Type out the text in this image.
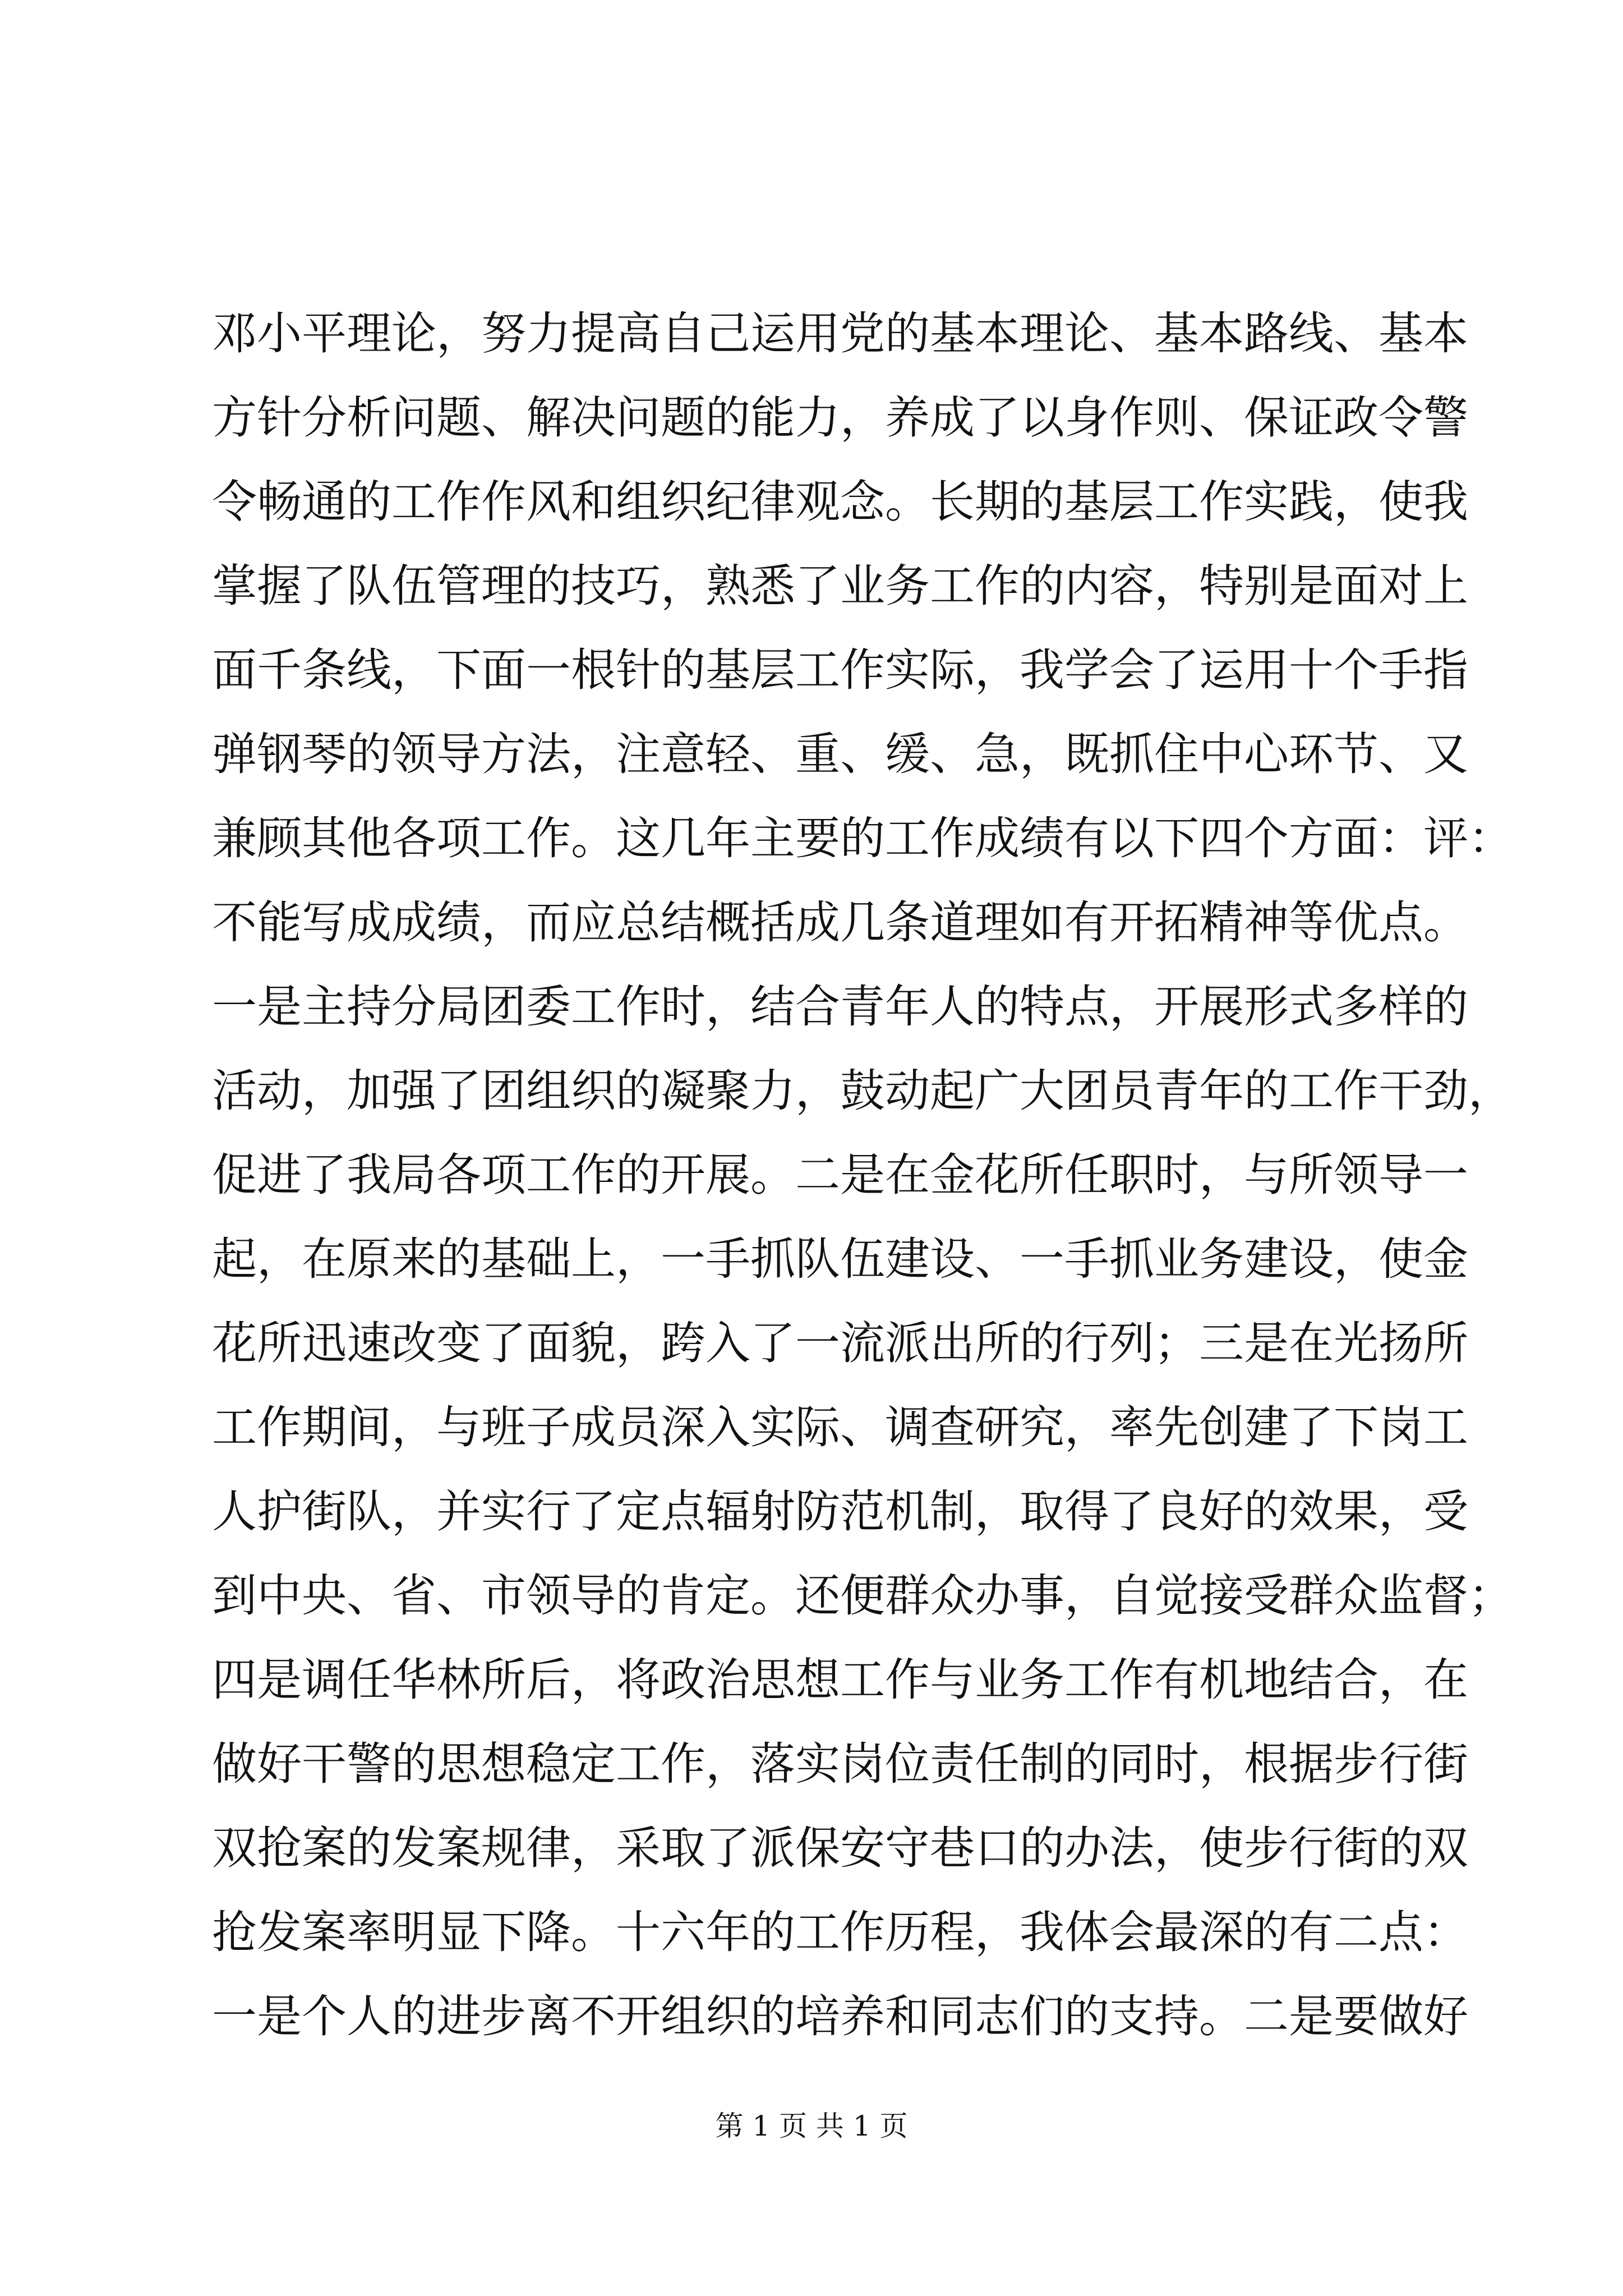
邓小平理论，努力提高自己运用党的基本理论、基本路线、基本
方针分析问题、解决问题的能力，养成了以身作则、保证政令警
令畅通的工作作风和组织纪律观念。长期的基层工作实践，使我
掌握了队伍管理的技巧，熟悉了业务工作的内容，特别是面对上
面千条线，下面一根针的基层工作实际，我学会了运用十个手指
弹钢琴的领导方法，注意轻、重、缓、急，既抓住中心环节、又
兼顾其他各项工作。这几年主要的工作成绩有以下四个方面：评：
不能写成成绩，而应总结概括成几条道理如有开拓精神等优点。
一是主持分局团委工作时，结合青年人的特点，开展形式多样的
活动，加强了团组织的凝聚力，鼓动起广大团员青年的工作干劲，
促进了我局各项工作的开展。二是在金花所任职时，与所领导一
起，在原来的基础上，一手抓队伍建设、一手抓业务建设，使金
花所迅速改变了面貌，跨入了一流派出所的行列；三是在光扬所
工作期间，与班子成员深入实际、调查研究，率先创建了下岗工
人护街队，并实行了定点辐射防范机制，取得了良好的效果，受
到中央、省、市领导的肯定。还便群众办事，自觉接受群众监督；
四是调任华林所后，将政治思想工作与业务工作有机地结合，在
做好干警的思想稳定工作，落实岗位责任制的同时，根据步行街
双抢案的发案规律，采取了派保安守巷口的办法，使步行街的双
抢发案率明显下降。十六年的工作历程，我体会最深的有二点：
一是个人的进步离不开组织的培养和同志们的支持。二是要做好
第 1 页 共 1 页
